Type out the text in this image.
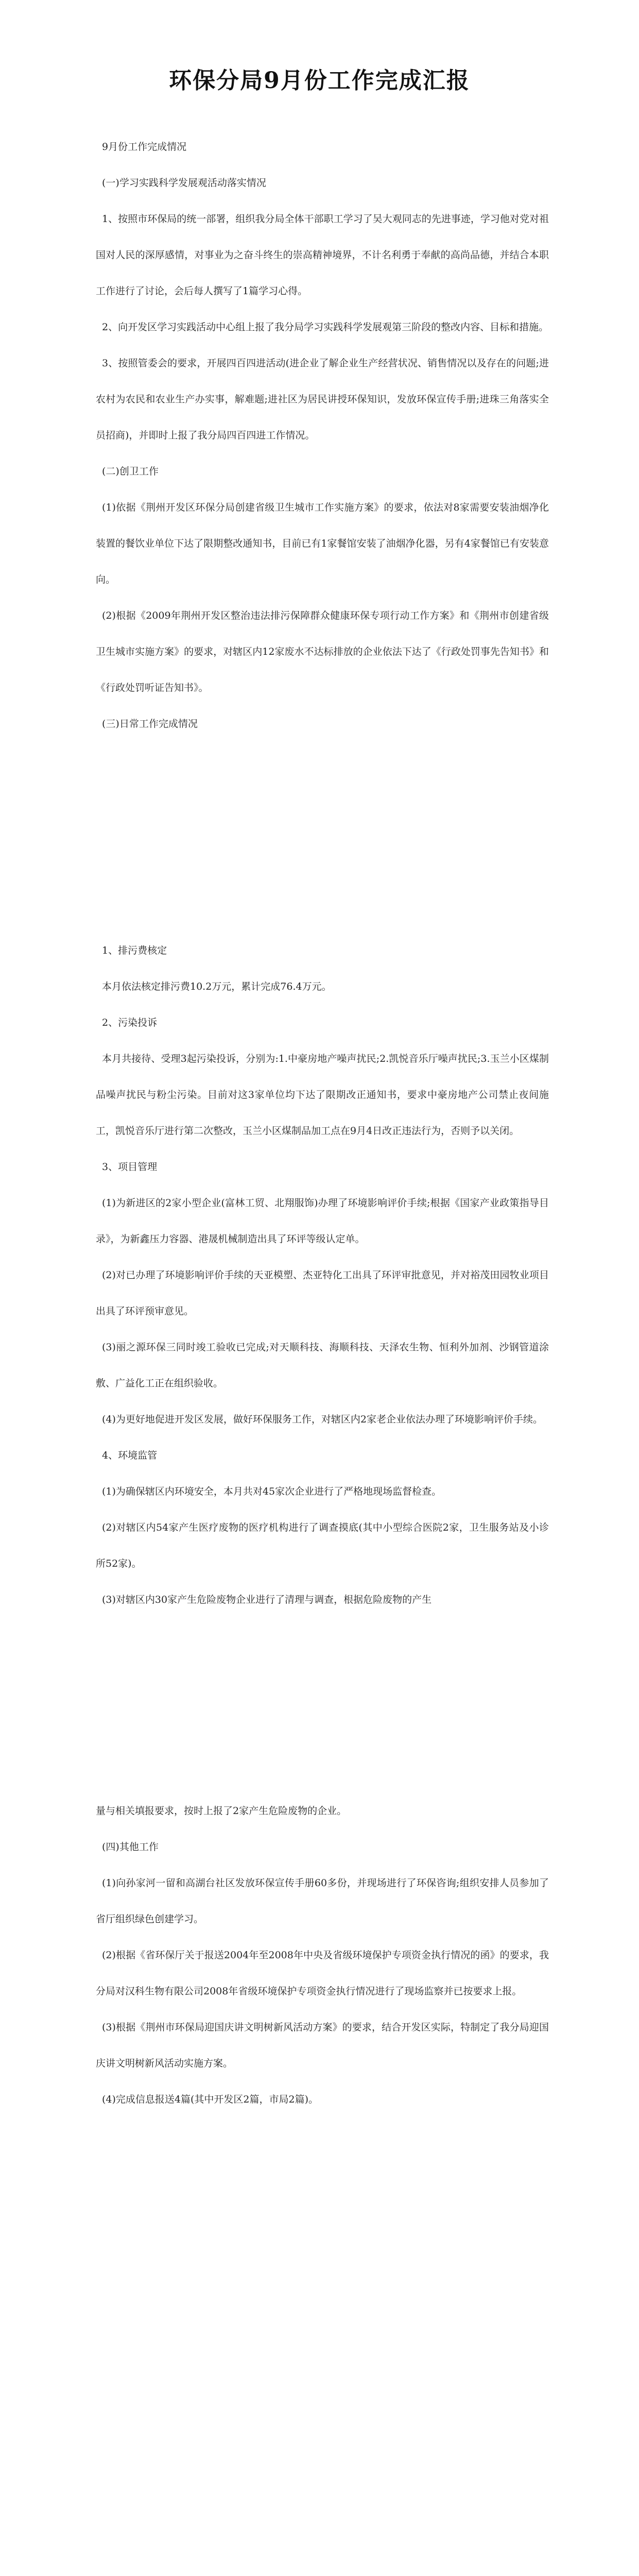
环保分局9月份工作完成汇报

9月份工作完成情况

(一)学习实践科学发展观活动落实情况

1、按照市环保局的统一部署，组织我分局全体干部职工学习了吴大观同志的先进事迹，学习他对党对祖国对人民的深厚感情，对事业为之奋斗终生的崇高精神境界，不计名利勇于奉献的高尚品德，并结合本职工作进行了讨论，会后每人撰写了1篇学习心得。

2、向开发区学习实践活动中心组上报了我分局学习实践科学发展观第三阶段的整改内容、目标和措施。

3、按照管委会的要求，开展四百四进活动(进企业了解企业生产经营状况、销售情况以及存在的问题;进农村为农民和农业生产办实事，解难题;进社区为居民讲授环保知识，发放环保宣传手册;进珠三角落实全员招商)，并即时上报了我分局四百四进工作情况。

(二)创卫工作

(1)依据《荆州开发区环保分局创建省级卫生城市工作实施方案》的要求，依法对8家需要安装油烟净化装置的餐饮业单位下达了限期整改通知书，目前已有1家餐馆安装了油烟净化器，另有4家餐馆已有安装意向。

(2)根据《2009年荆州开发区整治违法排污保障群众健康环保专项行动工作方案》和《荆州市创建省级卫生城市实施方案》的要求，对辖区内12家废水不达标排放的企业依法下达了《行政处罚事先告知书》和《行政处罚听证告知书》。

(三)日常工作完成情况

1、排污费核定

本月依法核定排污费10.2万元，累计完成76.4万元。

2、污染投诉

本月共接待、受理3起污染投诉，分别为:1.中豪房地产噪声扰民;2.凯悦音乐厅噪声扰民;3.玉兰小区煤制品噪声扰民与粉尘污染。目前对这3家单位均下达了限期改正通知书，要求中豪房地产公司禁止夜间施工，凯悦音乐厅进行第二次整改，玉兰小区煤制品加工点在9月4日改正违法行为，否则予以关闭。

3、项目管理

(1)为新进区的2家小型企业(富林工贸、北翔服饰)办理了环境影响评价手续;根据《国家产业政策指导目录》，为新鑫压力容器、港晟机械制造出具了环评等级认定单。

(2)对已办理了环境影响评价手续的天亚模塑、杰亚特化工出具了环评审批意见，并对裕茂田园牧业项目出具了环评预审意见。

(3)丽之源环保三同时竣工验收已完成;对天顺科技、海顺科技、天泽农生物、恒利外加剂、沙钢管道涂敷、广益化工正在组织验收。

(4)为更好地促进开发区发展，做好环保服务工作，对辖区内2家老企业依法办理了环境影响评价手续。

4、环境监管

(1)为确保辖区内环境安全，本月共对45家次企业进行了严格地现场监督检查。

(2)对辖区内54家产生医疗废物的医疗机构进行了调查摸底(其中小型综合医院2家，卫生服务站及小诊所52家)。

(3)对辖区内30家产生危险废物企业进行了清理与调查，根据危险废物的产生

量与相关填报要求，按时上报了2家产生危险废物的企业。

(四)其他工作

(1)向孙家河一留和高湖台社区发放环保宣传手册60多份，并现场进行了环保咨询;组织安排人员参加了省厅组织绿色创建学习。

(2)根据《省环保厅关于报送2004年至2008年中央及省级环境保护专项资金执行情况的函》的要求，我分局对汉科生物有限公司2008年省级环境保护专项资金执行情况进行了现场监察并已按要求上报。

(3)根据《荆州市环保局迎国庆讲文明树新风活动方案》的要求，结合开发区实际，特制定了我分局迎国庆讲文明树新风活动实施方案。

(4)完成信息报送4篇(其中开发区2篇，市局2篇)。
